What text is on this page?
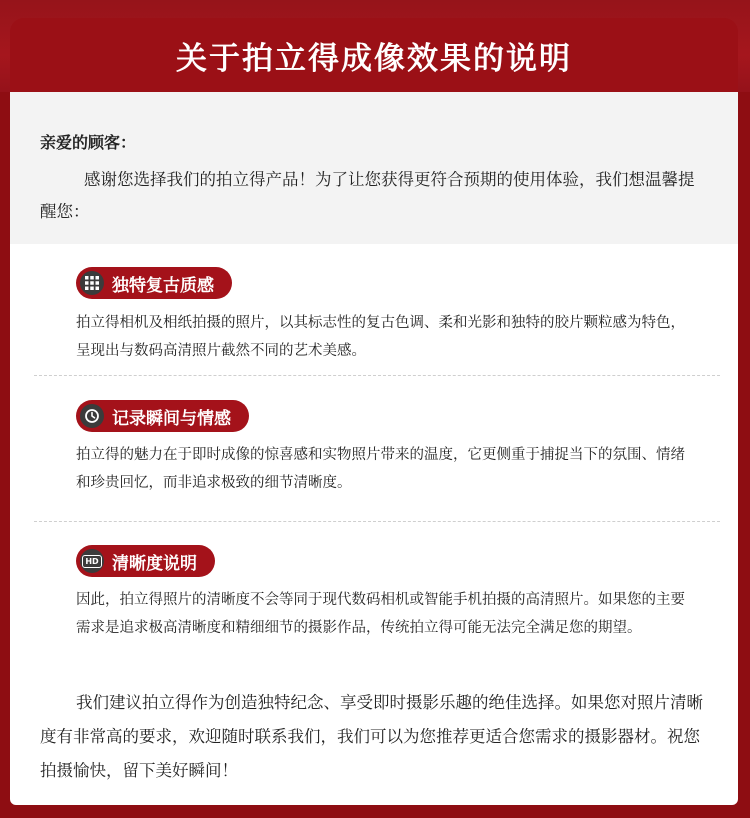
关于拍立得成像效果的说明
亲爱的顾客：
感谢您选择我们的拍立得产品！为了让您获得更符合预期的使用体验，我们想温馨提醒您：
独特复古质感
拍立得相机及相纸拍摄的照片，以其标志性的复古色调、柔和光影和独特的胶片颗粒感为特色，呈现出与数码高清照片截然不同的艺术美感。
记录瞬间与情感
拍立得的魅力在于即时成像的惊喜感和实物照片带来的温度，它更侧重于捕捉当下的氛围、情绪和珍贵回忆，而非追求极致的细节清晰度。
HD 清晰度说明
因此，拍立得照片的清晰度不会等同于现代数码相机或智能手机拍摄的高清照片。如果您的主要需求是追求极高清晰度和精细细节的摄影作品，传统拍立得可能无法完全满足您的期望。
我们建议拍立得作为创造独特纪念、享受即时摄影乐趣的绝佳选择。如果您对照片清晰度有非常高的要求，欢迎随时联系我们，我们可以为您推荐更适合您需求的摄影器材。祝您拍摄愉快，留下美好瞬间！
